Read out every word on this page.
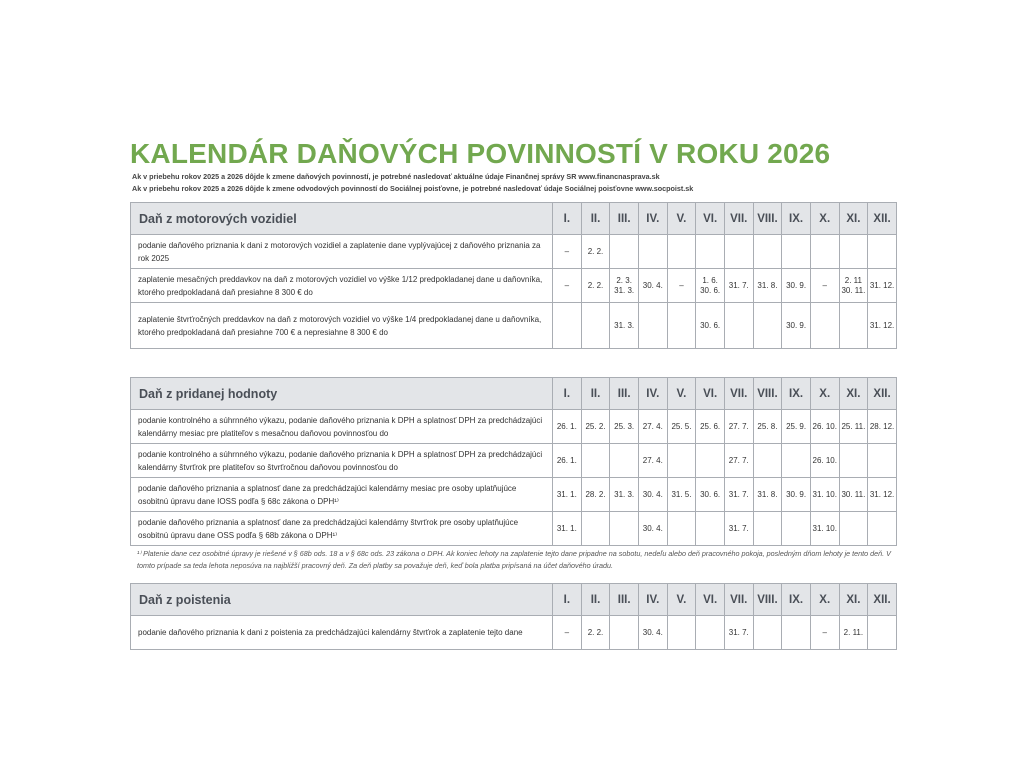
KALENDÁR DAŇOVÝCH POVINNOSTÍ V ROKU 2026
Ak v priebehu rokov 2025 a 2026 dôjde k zmene daňových povinností, je potrebné nasledovať aktuálne údaje Finančnej správy SR www.financnasprava.sk
Ak v priebehu rokov 2025 a 2026 dôjde k zmene odvodových povinností do Sociálnej poisťovne, je potrebné nasledovať údaje Sociálnej poisťovne www.socpoist.sk
Daň z motorových vozidiel	I.	II.	III.	IV.	V.	VI.	VII.	VIII.	IX.	X.	XI.	XII.
podanie daňového priznania k dani z motorových vozidiel a zaplatenie dane vyplývajúcej z daňového priznania za rok 2025	–	2. 2.										
zaplatenie mesačných preddavkov na daň z motorových vozidiel vo výške 1/12 predpokladanej dane u daňovníka, ktorého predpokladaná daň presiahne 8 300 € do	–	2. 2.	2. 3. 31. 3.	30. 4.	–	1. 6. 30. 6.	31. 7.	31. 8.	30. 9.	–	2. 11 30. 11.	31. 12.
zaplatenie štvrťročných preddavkov na daň z motorových vozidiel vo výške 1/4 predpokladanej dane u daňovníka, ktorého predpokladaná daň presiahne 700 € a nepresiahne 8 300 € do			31. 3.			30. 6.			30. 9.			31. 12.
Daň z pridanej hodnoty	I.	II.	III.	IV.	V.	VI.	VII.	VIII.	IX.	X.	XI.	XII.
podanie kontrolného a súhrnného výkazu, podanie daňového priznania k DPH a splatnosť DPH za predchádzajúci kalendárny mesiac pre platiteľov s mesačnou daňovou povinnosťou do	26. 1.	25. 2.	25. 3.	27. 4.	25. 5.	25. 6.	27. 7.	25. 8.	25. 9.	26. 10.	25. 11.	28. 12.
podanie kontrolného a súhrnného výkazu, podanie daňového priznania k DPH a splatnosť DPH za predchádzajúci kalendárny štvrťrok pre platiteľov so štvrťročnou daňovou povinnosťou do	26. 1.			27. 4.			27. 7.			26. 10.		
podanie daňového priznania a splatnosť dane za predchádzajúci kalendárny mesiac pre osoby uplatňujúce osobitnú úpravu dane IOSS podľa § 68c zákona o DPH¹⁾	31. 1.	28. 2.	31. 3.	30. 4.	31. 5.	30. 6.	31. 7.	31. 8.	30. 9.	31. 10.	30. 11.	31. 12.
podanie daňového priznania a splatnosť dane za predchádzajúci kalendárny štvrťrok pre osoby uplatňujúce osobitnú úpravu dane OSS podľa § 68b zákona o DPH¹⁾	31. 1.			30. 4.			31. 7.			31. 10.		
¹⁾ Platenie dane cez osobitné úpravy je riešené v § 68b ods. 18 a v § 68c ods. 23 zákona o DPH. Ak koniec lehoty na zaplatenie tejto dane pripadne na sobotu, nedeľu alebo deň pracovného pokoja, posledným dňom lehoty je tento deň. V tomto prípade sa teda lehota neposúva na najbližší pracovný deň. Za deň platby sa považuje deň, keď bola platba pripísaná na účet daňového úradu.
Daň z poistenia	I.	II.	III.	IV.	V.	VI.	VII.	VIII.	IX.	X.	XI.	XII.
podanie daňového priznania k dani z poistenia za predchádzajúci kalendárny štvrťrok a zaplatenie tejto dane	–	2. 2.		30. 4.			31. 7.			–	2. 11.	
